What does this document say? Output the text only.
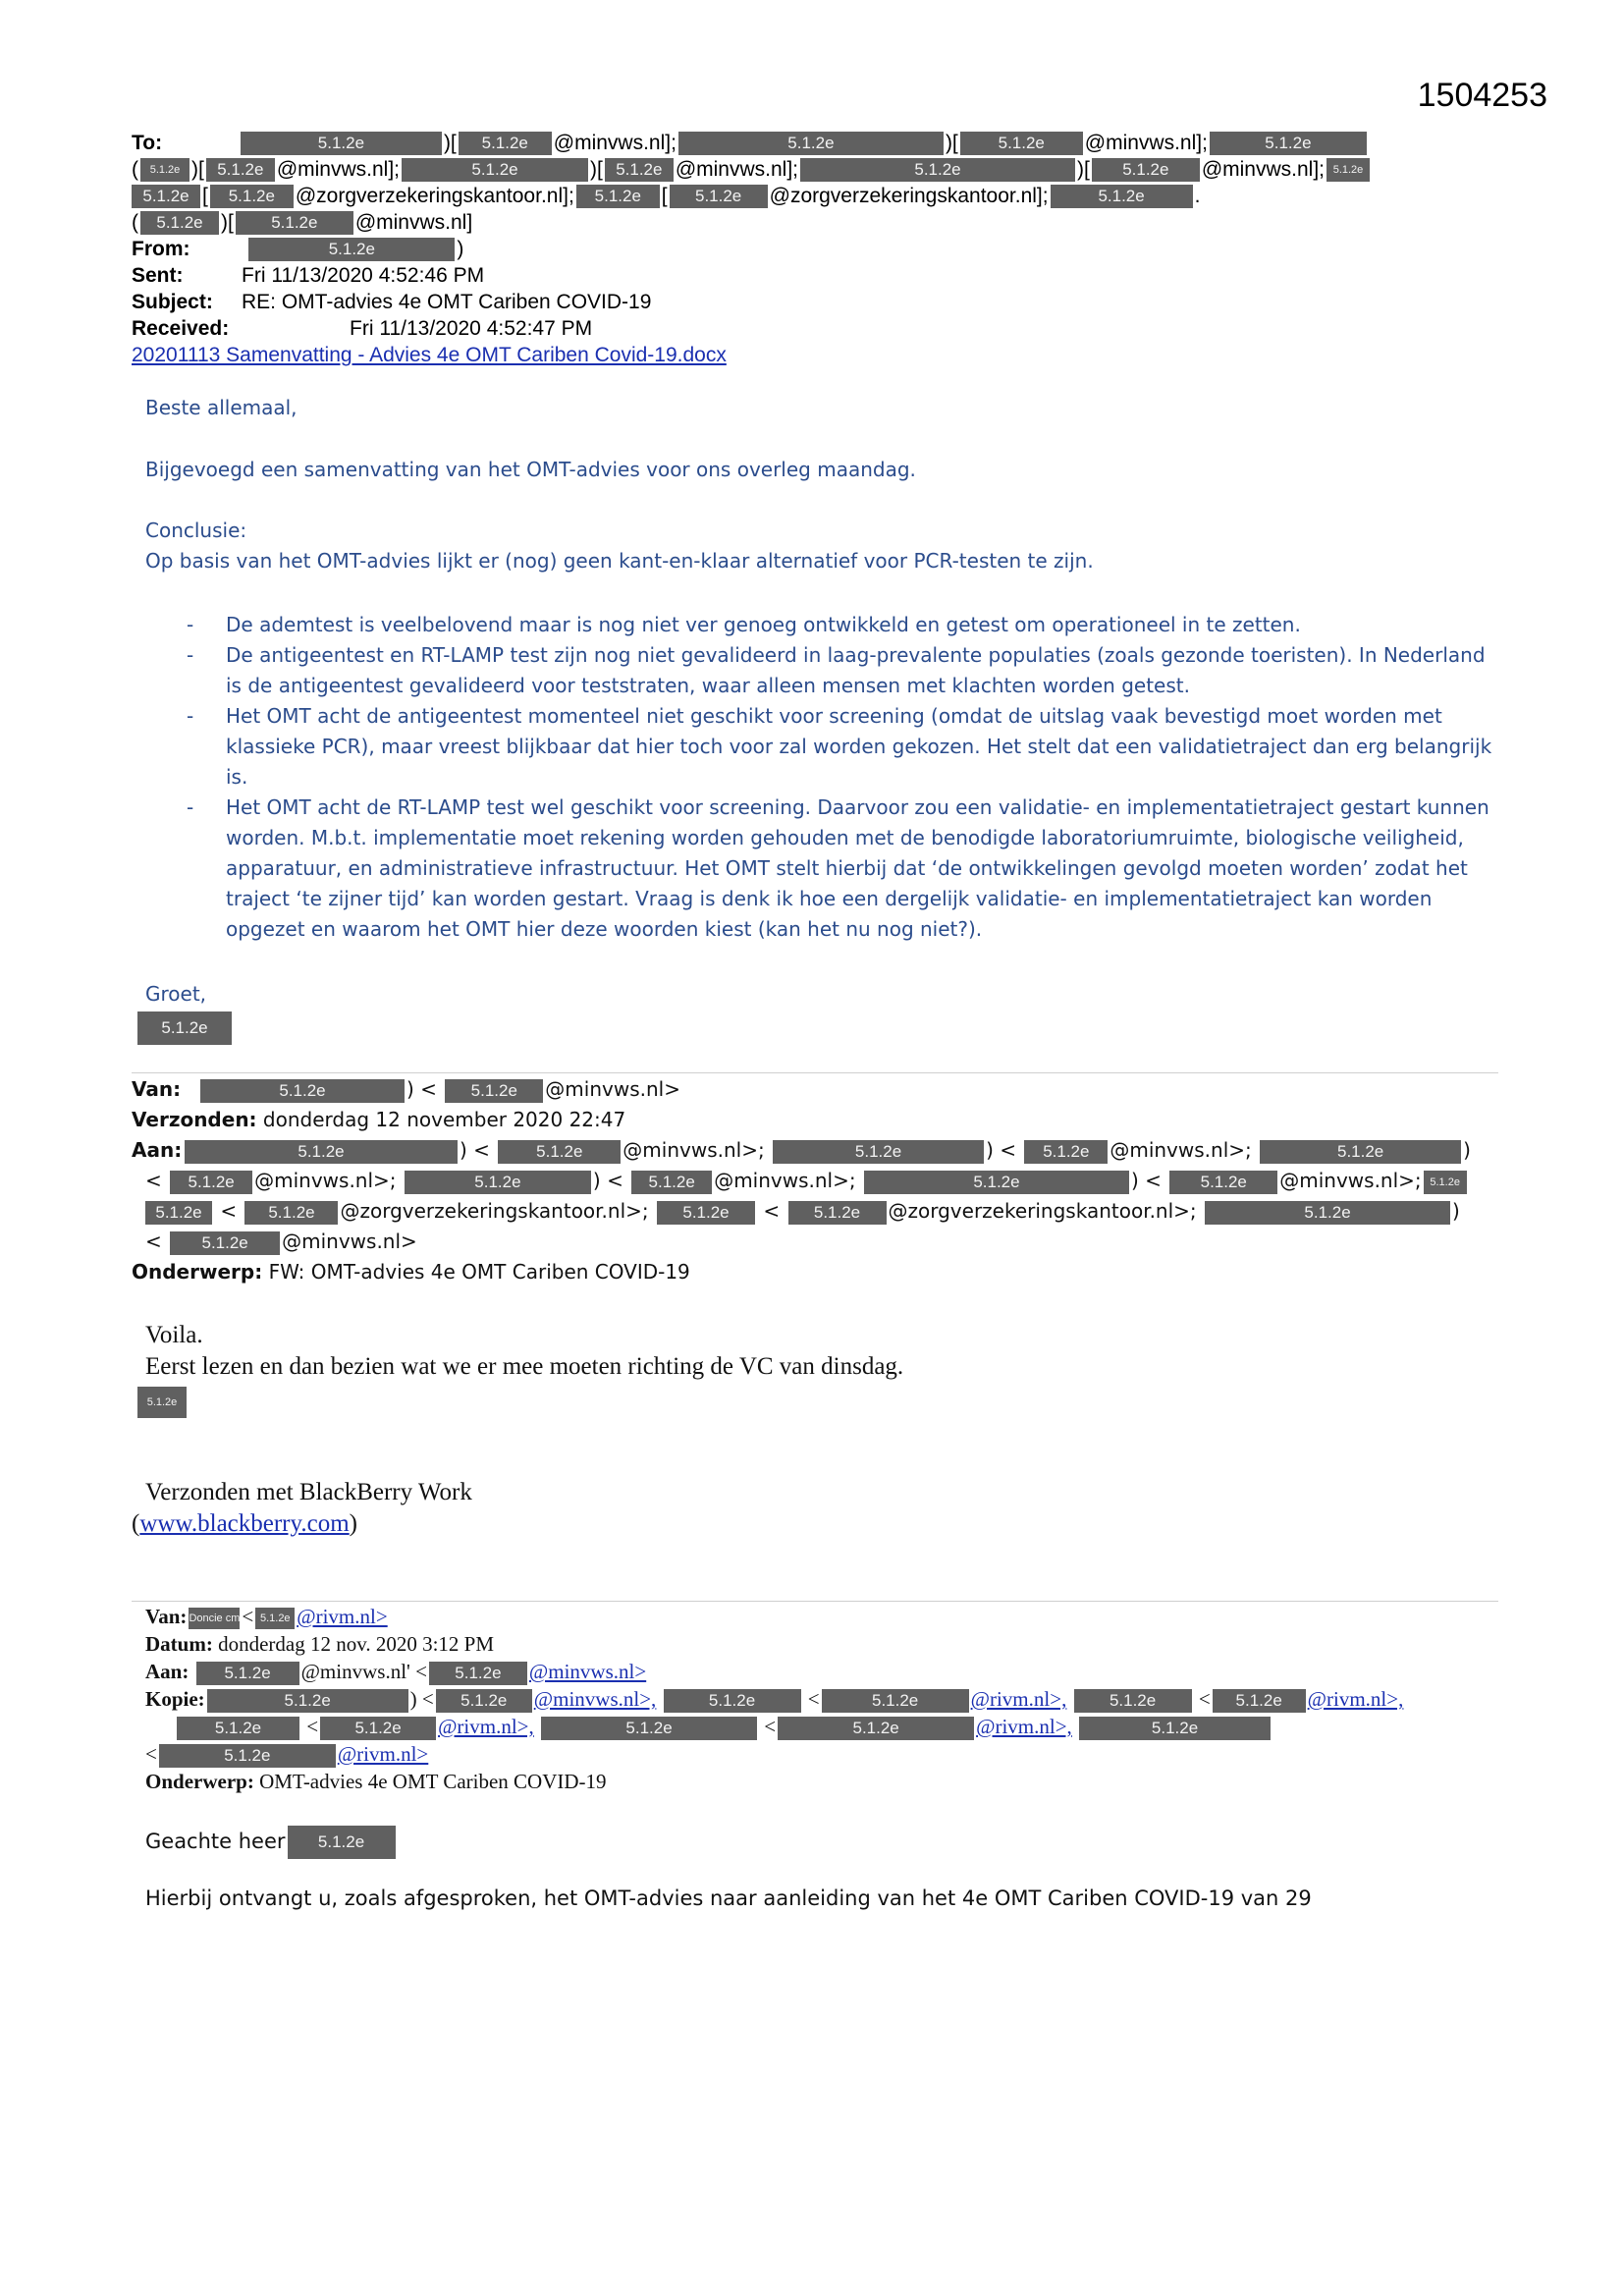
1504253
To:	5.1.2e	)[ 5.1.2e @minvws.nl];	5.1.2e	)[ 5.1.2e @minvws.nl];	5.1.2e
( 5.1.2e )[ 5.1.2e @minvws.nl];	5.1.2e	)[ 5.1.2e @minvws.nl];	5.1.2e	)[ 5.1.2e @minvws.nl]; 5.1.2e
5.1.2e [ 5.1.2e @zorgverzekeringskantoor.nl]; 5.1.2e [ 5.1.2e @zorgverzekeringskantoor.nl];	5.1.2e .
( 5.1.2e )[ 5.1.2e @minvws.nl]
From:	5.1.2e	)
Sent:	Fri 11/13/2020 4:52:46 PM
Subject: RE: OMT-advies 4e OMT Cariben COVID-19
Received:	Fri 11/13/2020 4:52:47 PM
20201113 Samenvatting - Advies 4e OMT Cariben Covid-19.docx
Beste allemaal,
Bijgevoegd een samenvatting van het OMT-advies voor ons overleg maandag.
Conclusie:
Op basis van het OMT-advies lijkt er (nog) geen kant-en-klaar alternatief voor PCR-testen te zijn.
- De ademtest is veelbelovend maar is nog niet ver genoeg ontwikkeld en getest om operationeel in te zetten.
- De antigeentest en RT-LAMP test zijn nog niet gevalideerd in laag-prevalente populaties (zoals gezonde toeristen). In Nederland is de antigeentest gevalideerd voor teststraten, waar alleen mensen met klachten worden getest.
- Het OMT acht de antigeentest momenteel niet geschikt voor screening (omdat de uitslag vaak bevestigd moet worden met klassieke PCR), maar vreest blijkbaar dat hier toch voor zal worden gekozen. Het stelt dat een validatietraject dan erg belangrijk is.
- Het OMT acht de RT-LAMP test wel geschikt voor screening. Daarvoor zou een validatie- en implementatietraject gestart kunnen worden. M.b.t. implementatie moet rekening worden gehouden met de benodigde laboratoriumruimte, biologische veiligheid, apparatuur, en administratieve infrastructuur. Het OMT stelt hierbij dat ‘de ontwikkelingen gevolgd moeten worden’ zodat het traject ‘te zijner tijd’ kan worden gestart. Vraag is denk ik hoe een dergelijk validatie- en implementatietraject kan worden opgezet en waarom het OMT hier deze woorden kiest (kan het nu nog niet?).
Groet,
5.1.2e
Van:	5.1.2e	) < 5.1.2e @minvws.nl>
Verzonden: donderdag 12 november 2020 22:47
Aan:	5.1.2e	) < 5.1.2e @minvws.nl>;	5.1.2e	) < 5.1.2e @minvws.nl>;	5.1.2e	)
< 5.1.2e @minvws.nl>;	5.1.2e	) < 5.1.2e @minvws.nl>;	5.1.2e	) < 5.1.2e @minvws.nl>; 5.1.2e
5.1.2e < 5.1.2e @zorgverzekeringskantoor.nl>; 5.1.2e < 5.1.2e @zorgverzekeringskantoor.nl>;	5.1.2e	)
< 5.1.2e @minvws.nl>
Onderwerp: FW: OMT-advies 4e OMT Cariben COVID-19
Voila.
Eerst lezen en dan bezien wat we er mee moeten richting de VC van dinsdag.
5.1.2e
Verzonden met BlackBerry Work
(www.blackberry.com)
Van: Doncie cm< 5.1.2e @rivm.nl>
Datum: donderdag 12 nov. 2020 3:12 PM
Aan: 5.1.2e @minvws.nl' < 5.1.2e @minvws.nl>
Kopie:	5.1.2e	) < 5.1.2e @minvws.nl>,	5.1.2e <	5.1.2e	@rivm.nl>,	5.1.2e < 5.1.2e @rivm.nl>,
5.1.2e < 5.1.2e @rivm.nl>,	5.1.2e	<	5.1.2e	@rivm.nl>,	5.1.2e
<	5.1.2e	@rivm.nl>
Onderwerp: OMT-advies 4e OMT Cariben COVID-19
Geachte heer 5.1.2e
Hierbij ontvangt u, zoals afgesproken, het OMT-advies naar aanleiding van het 4e OMT Cariben COVID-19 van 29
